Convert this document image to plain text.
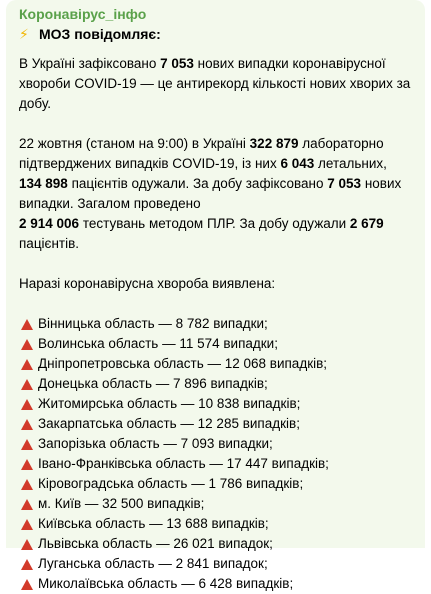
Коронавірус_інфо
⚡ МОЗ повідомляє:

В Україні зафіксовано 7 053 нових випадки коронавірусної хвороби COVID-19 — це антирекорд кількості нових хворих за добу.

22 жовтня (станом на 9:00) в Україні 322 879 лабораторно підтверджених випадків COVID-19, із них 6 043 летальних, 134 898 пацієнтів одужали. За добу зафіксовано 7 053 нових випадки. Загалом проведено

2 914 006 тестувань методом ПЛР. За добу одужали 2 679 пацієнтів.

Наразі коронавірусна хвороба виявлена:

Вінницька область — 8 782 випадки;
Волинська область — 11 574 випадки;
Дніпропетровська область — 12 068 випадків;
Донецька область — 7 896 випадків;
Житомирська область — 10 838 випадків;
Закарпатська область — 12 285 випадків;
Запорізька область — 7 093 випадки;
Івано-Франківська область — 17 447 випадків;
Кіровоградська область — 1 786 випадків;
м. Київ — 32 500 випадків;
Київська область — 13 688 випадків;
Львівська область — 26 021 випадок;
Луганська область — 2 841 випадок;
Миколаївська область — 6 428 випадків;
